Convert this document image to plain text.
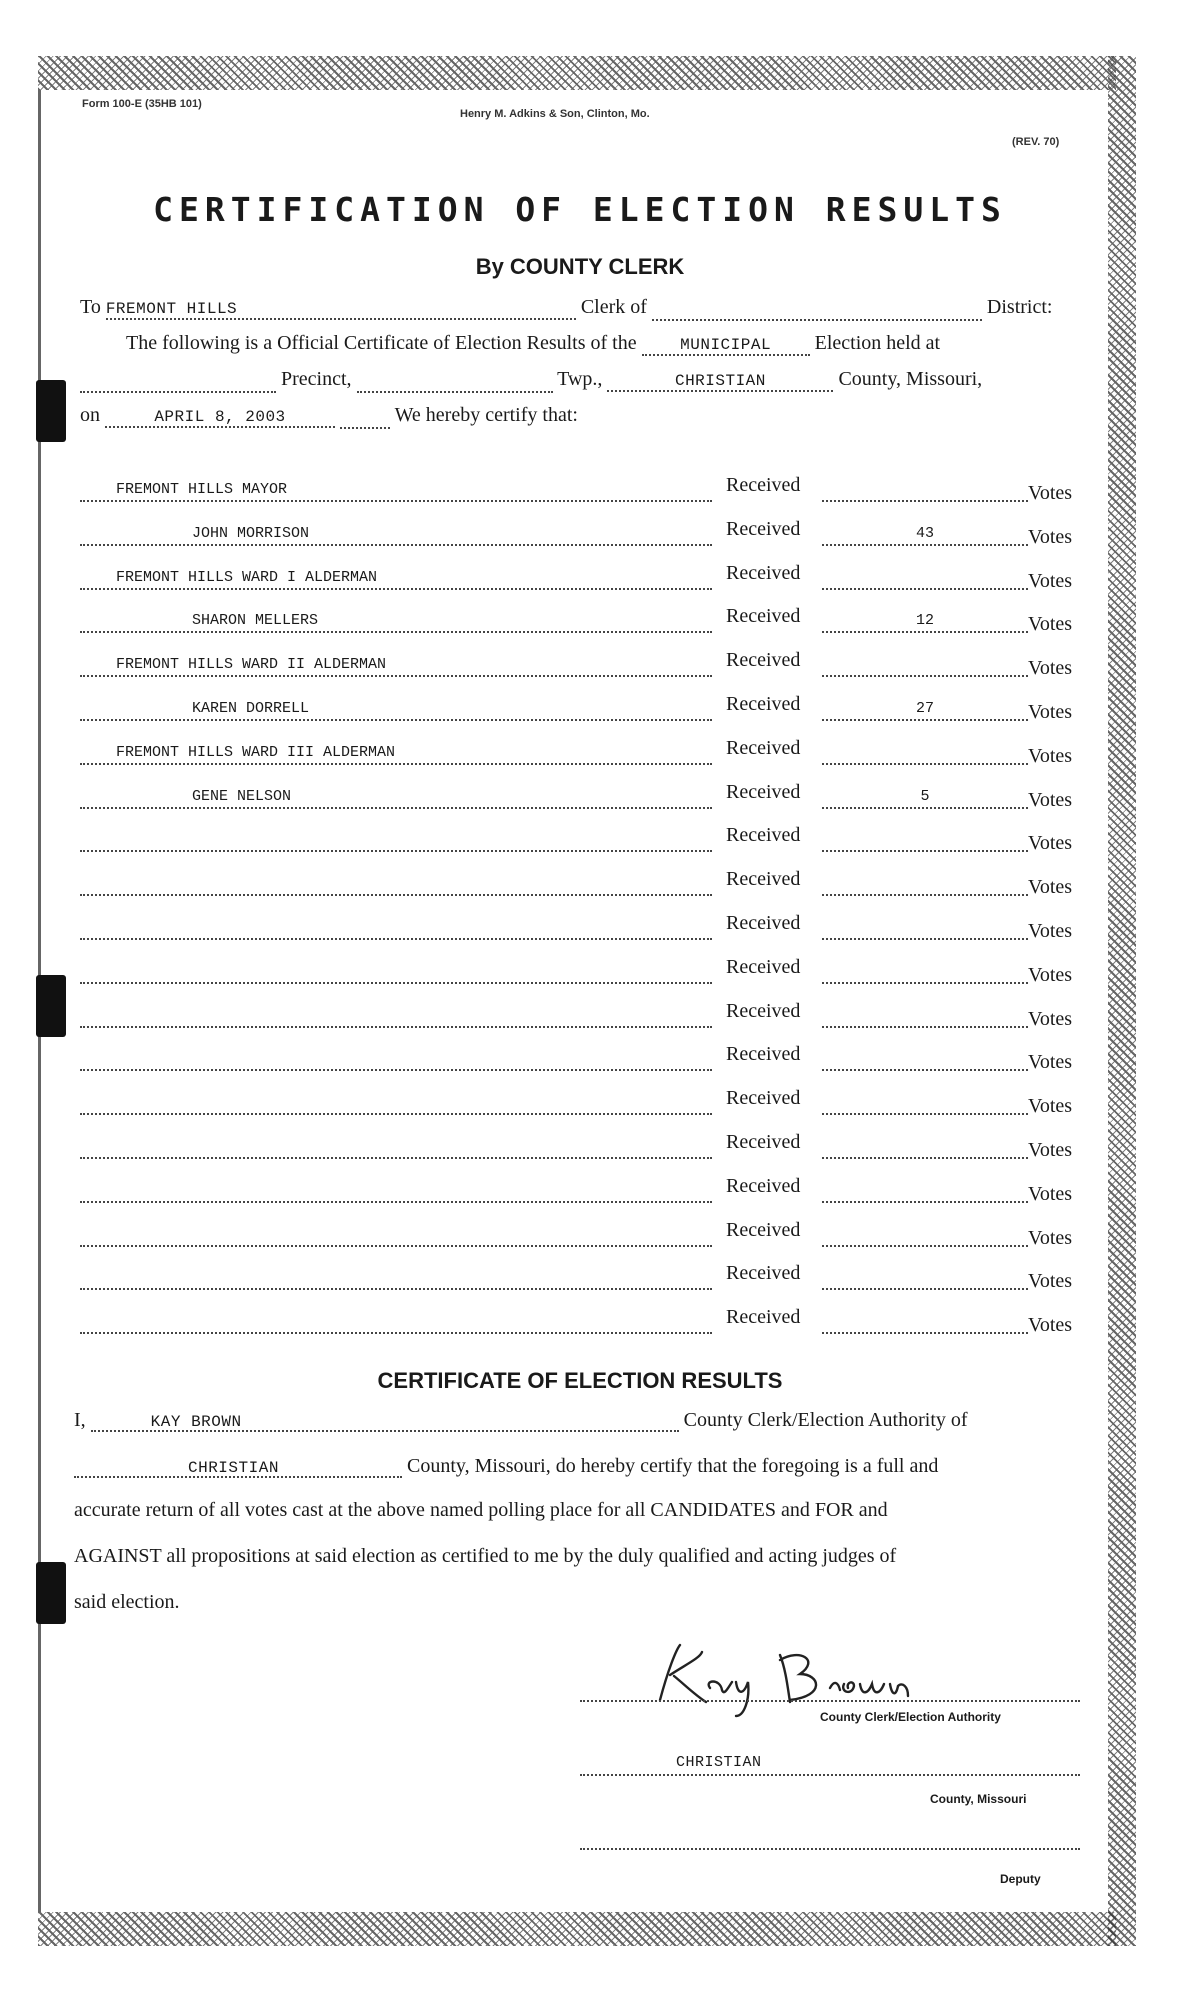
Form 100-E (35HB 101)
Henry M. Adkins & Son, Clinton, Mo.
(REV. 70)
CERTIFICATION OF ELECTION RESULTS
By COUNTY CLERK
To FREMONT HILLS	Clerk of	District:
The following is a Official Certificate of Election Results of the	MUNICIPAL Election held at
Precinct,	Twp.,	CHRISTIAN	County, Missouri,
on	APRIL 8, 2003	We hereby certify that:
FREMONT HILLS MAYOR	Received	Votes
JOHN MORRISON	Received	43	Votes
FREMONT HILLS WARD I ALDERMAN	Received	Votes
SHARON MELLERS	Received	12	Votes
FREMONT HILLS WARD II ALDERMAN	Received	Votes
KAREN DORRELL	Received	27	Votes
FREMONT HILLS WARD III ALDERMAN	Received	Votes
GENE NELSON	Received	5	Votes
Received	Votes
Received	Votes
Received	Votes
Received	Votes
Received	Votes
Received	Votes
Received	Votes
Received	Votes
Received	Votes
Received	Votes
Received	Votes
Received	Votes
CERTIFICATE OF ELECTION RESULTS
I,	KAY BROWN	County Clerk/Election Authority of
CHRISTIAN	County, Missouri, do hereby certify that the foregoing is a full and
accurate return of all votes cast at the above named polling place for all CANDIDATES and FOR and
AGAINST all propositions at said election as certified to me by the duly qualified and acting judges of
said election.
County Clerk/Election Authority
CHRISTIAN
County, Missouri
Deputy
